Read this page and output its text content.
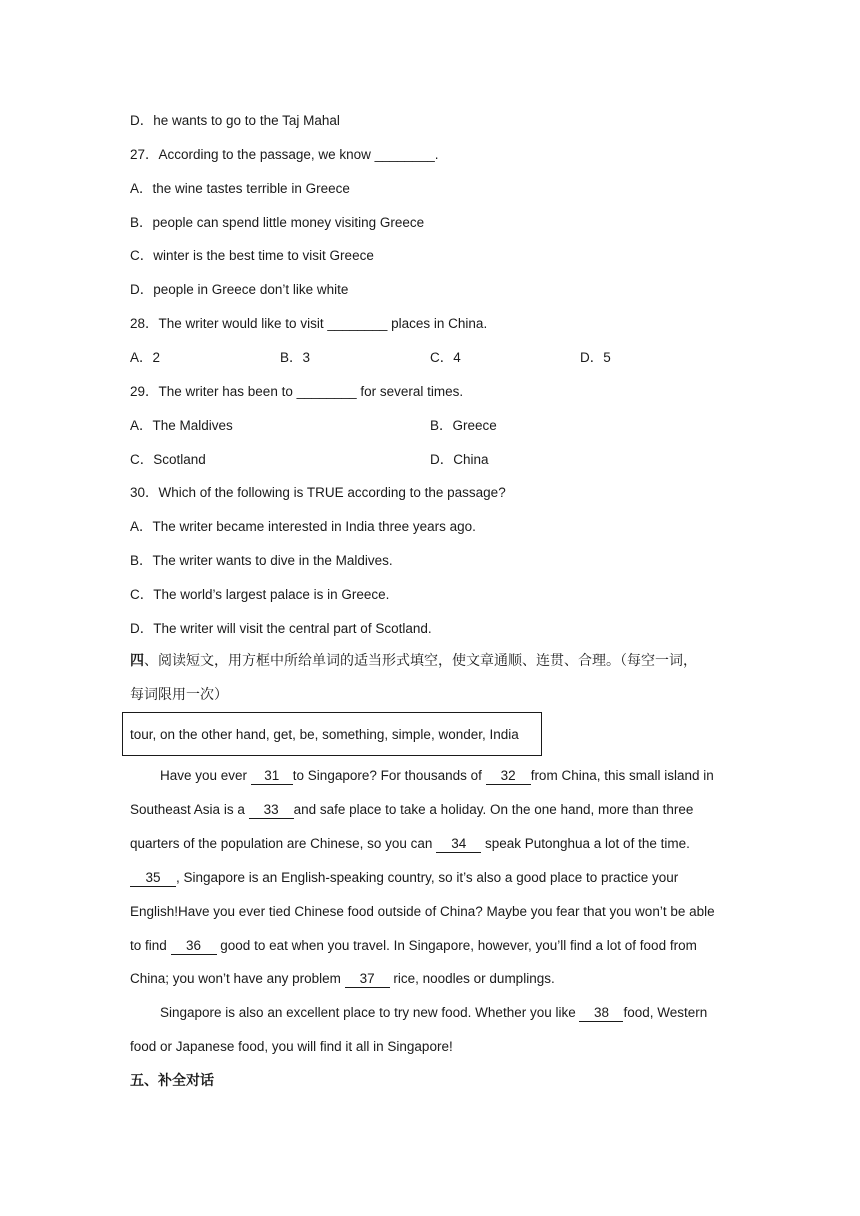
D．he wants to go to the Taj Mahal
27．According to the passage, we know ________.
A．the wine tastes terrible in Greece
B．people can spend little money visiting Greece
C．winter is the best time to visit Greece
D．people in Greece don’t like white
28．The writer would like to visit ________ places in China.
A．2	B．3	C．4	D．5
29．The writer has been to ________ for several times.
A．The Maldives	B．Greece
C．Scotland	D．China
30．Which of the following is TRUE according to the passage?
A．The writer became interested in India three years ago.
B．The writer wants to dive in the Maldives.
C．The world’s largest palace is in Greece.
D．The writer will visit the central part of Scotland.
四、阅读短文，用方框中所给单词的适当形式填空，使文章通顺、连贯、合理。（每空一词，
每词限用一次）
tour, on the other hand, get, be, something, simple, wonder, India
Have you ever 31 to Singapore? For thousands of 32 from China, this small island in
Southeast Asia is a 33 and safe place to take a holiday. On the one hand, more than three
quarters of the population are Chinese, so you can 34 speak Putonghua a lot of the time.
35 , Singapore is an English-speaking country, so it’s also a good place to practice your
English!Have you ever tied Chinese food outside of China? Maybe you fear that you won’t be able
to find 36 good to eat when you travel. In Singapore, however, you’ll find a lot of food from
China; you won’t have any problem 37 rice, noodles or dumplings.
Singapore is also an excellent place to try new food. Whether you like 38 food, Western
food or Japanese food, you will find it all in Singapore!
五、补全对话
